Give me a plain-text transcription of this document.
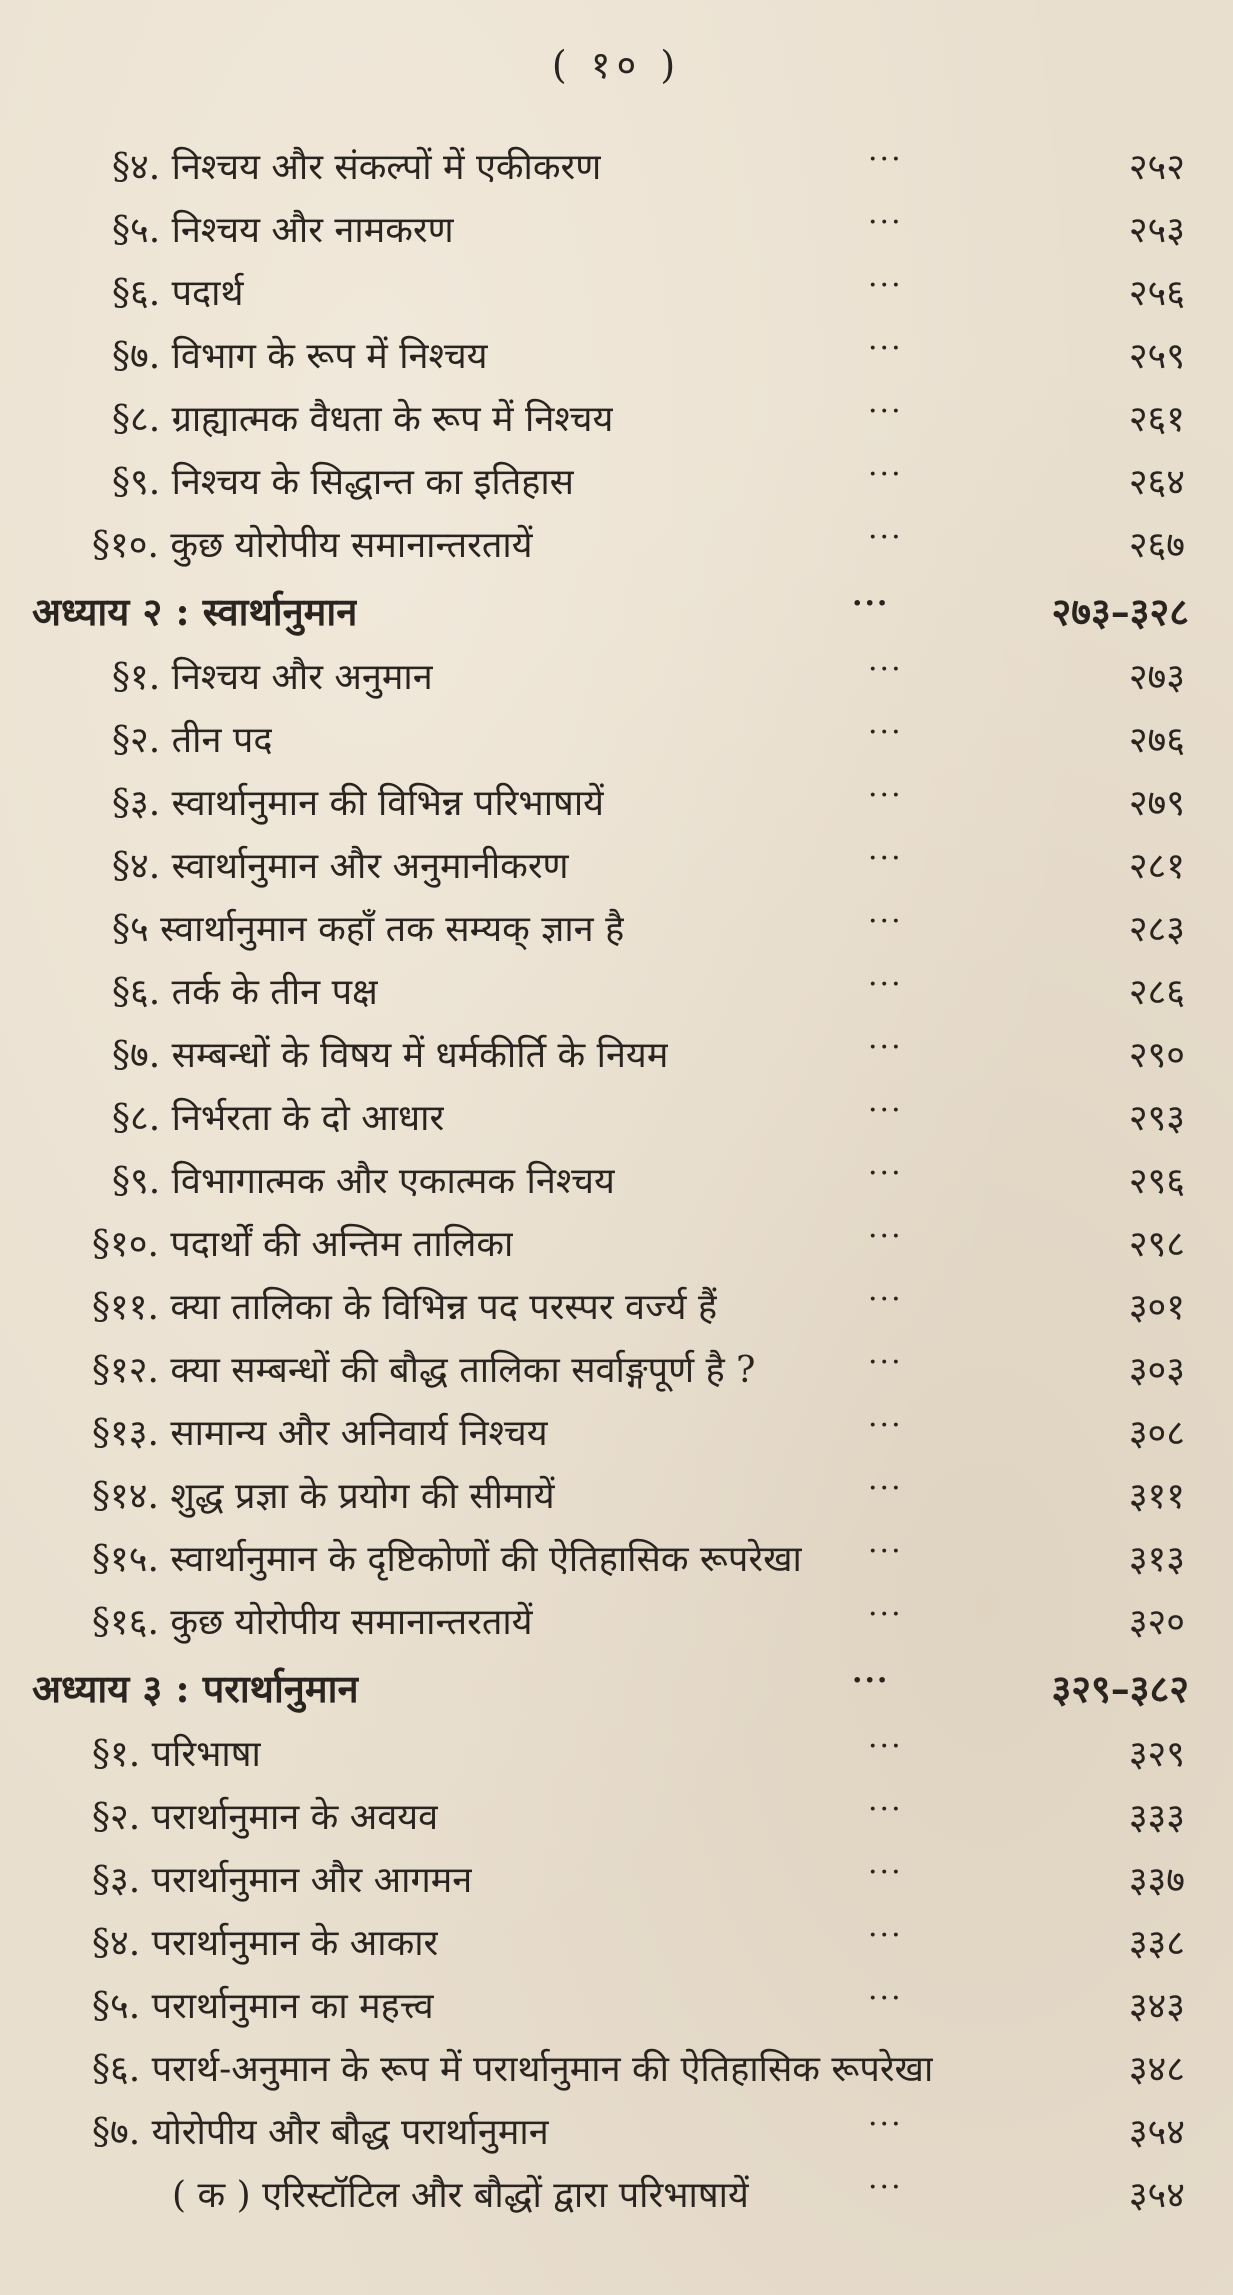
( १० )
§४. निश्चय और संकल्पों में एकीकरण	···	२५२
§५. निश्चय और नामकरण	···	२५३
§६. पदार्थ	···	२५६
§७. विभाग के रूप में निश्चय	···	२५९
§८. ग्राह्यात्मक वैधता के रूप में निश्चय	···	२६१
§९. निश्चय के सिद्धान्त का इतिहास	···	२६४
§१०. कुछ योरोपीय समानान्तरतायें	···	२६७
अध्याय २ : स्वार्थानुमान	···	२७३–३२८
§१. निश्चय और अनुमान	···	२७३
§२. तीन पद	···	२७६
§३. स्वार्थानुमान की विभिन्न परिभाषायें	···	२७९
§४. स्वार्थानुमान और अनुमानीकरण	···	२८१
§५ स्वार्थानुमान कहाँ तक सम्यक् ज्ञान है	···	२८३
§६. तर्क के तीन पक्ष	···	२८६
§७. सम्बन्धों के विषय में धर्मकीर्ति के नियम	···	२९०
§८. निर्भरता के दो आधार	···	२९३
§९. विभागात्मक और एकात्मक निश्चय	···	२९६
§१०. पदार्थों की अन्तिम तालिका	···	२९८
§११. क्या तालिका के विभिन्न पद परस्पर वर्ज्य हैं	···	३०१
§१२. क्या सम्बन्धों की बौद्ध तालिका सर्वाङ्गपूर्ण है ?	···	३०३
§१३. सामान्य और अनिवार्य निश्चय	···	३०८
§१४. शुद्ध प्रज्ञा के प्रयोग की सीमायें	···	३११
§१५. स्वार्थानुमान के दृष्टिकोणों की ऐतिहासिक रूपरेखा ···	३१३
§१६. कुछ योरोपीय समानान्तरतायें	···	३२०
अध्याय ३ : परार्थानुमान	···	३२९–३८२
§१. परिभाषा	···	३२९
§२. परार्थानुमान के अवयव	···	३३३
§३. परार्थानुमान और आगमन	···	३३७
§४. परार्थानुमान के आकार	···	३३८
§५. परार्थानुमान का महत्त्व	···	३४३
§६. परार्थ-अनुमान के रूप में परार्थानुमान की ऐतिहासिक रूपरेखा	३४८
§७. योरोपीय और बौद्ध परार्थानुमान	···	३५४
( क ) एरिस्टॉटिल और बौद्धों द्वारा परिभाषायें	···	३५४
